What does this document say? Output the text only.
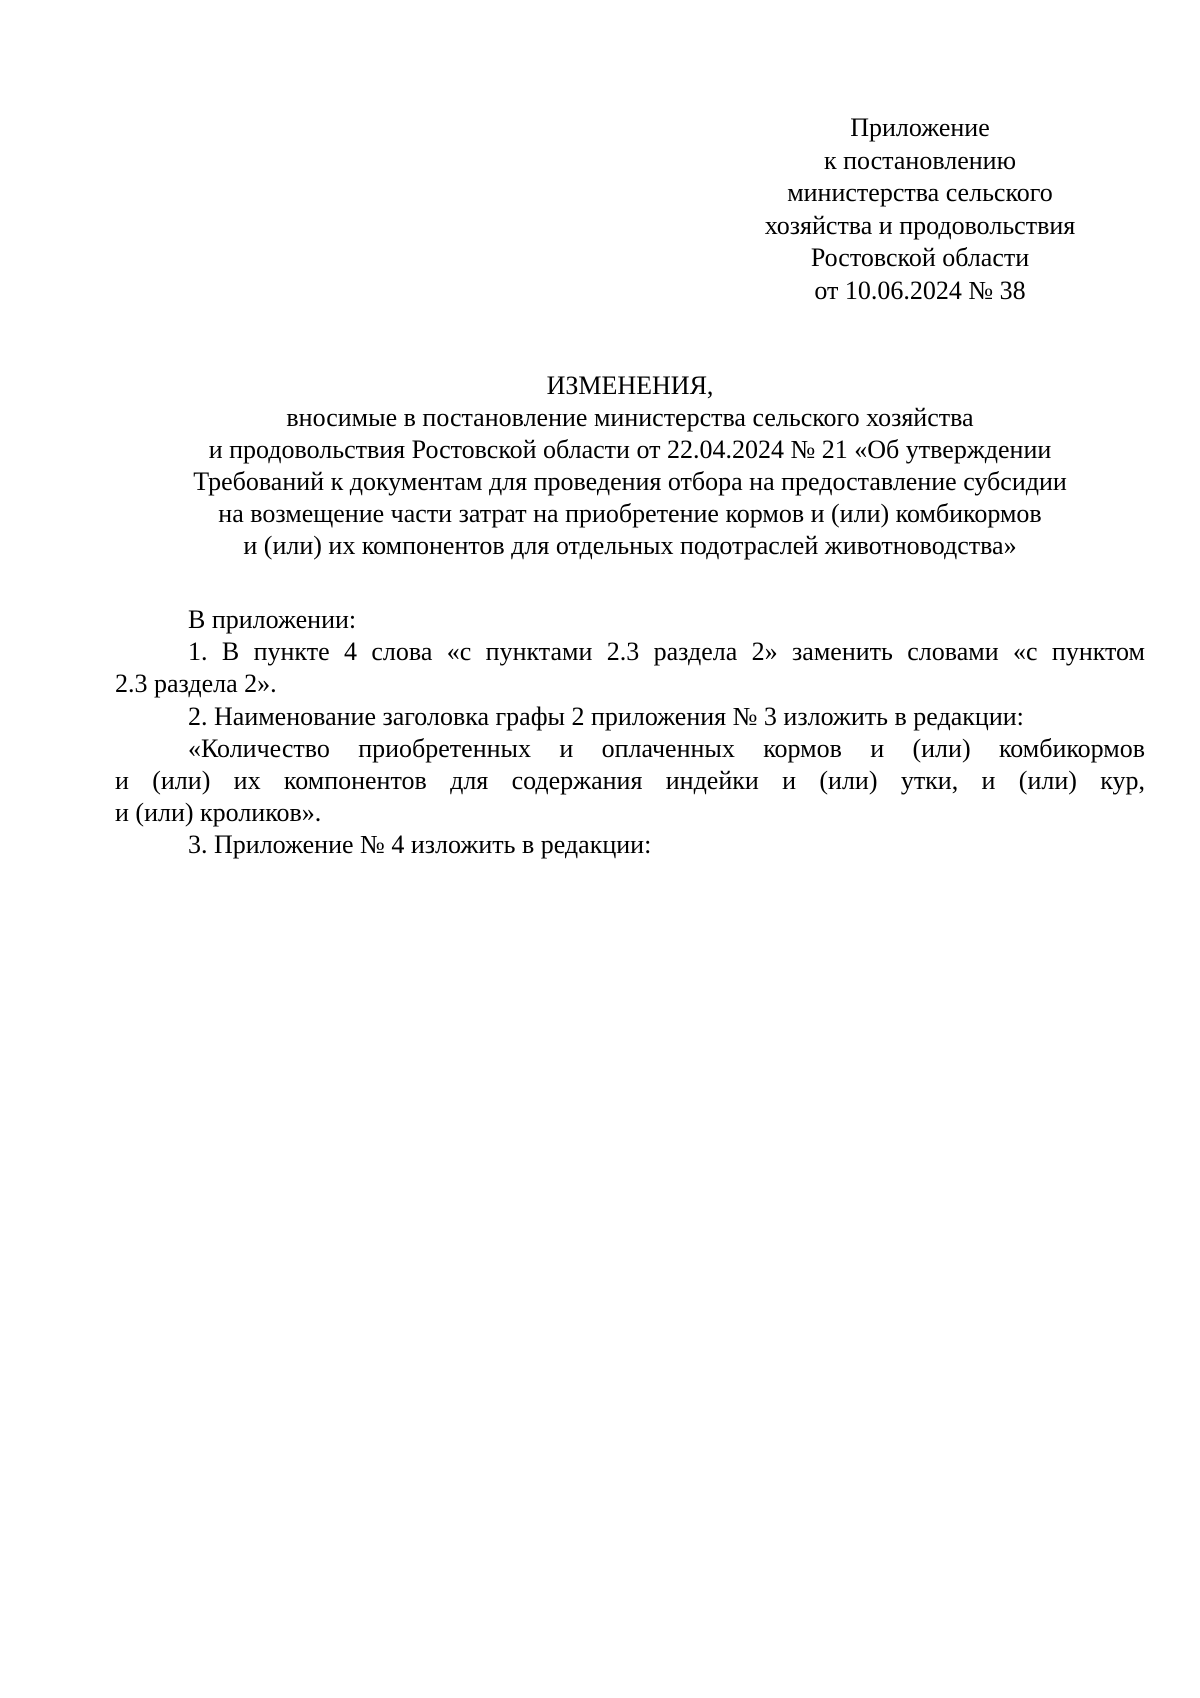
Приложение
к постановлению
министерства сельского
хозяйства и продовольствия
Ростовской области
от 10.06.2024 № 38
ИЗМЕНЕНИЯ,
вносимые в постановление министерства сельского хозяйства
и продовольствия Ростовской области от 22.04.2024 № 21 «Об утверждении
Требований к документам для проведения отбора на предоставление субсидии
на возмещение части затрат на приобретение кормов и (или) комбикормов
и (или) их компонентов для отдельных подотраслей животноводства»
В приложении:
1. В пункте 4 слова «с пунктами 2.3 раздела 2» заменить словами «с пунктом
2.3 раздела 2».
2. Наименование заголовка графы 2 приложения № 3 изложить в редакции:
«Количество приобретенных и оплаченных кормов и (или) комбикормов
и (или) их компонентов для содержания индейки и (или) утки, и (или) кур,
и (или) кроликов».
3. Приложение № 4 изложить в редакции:
